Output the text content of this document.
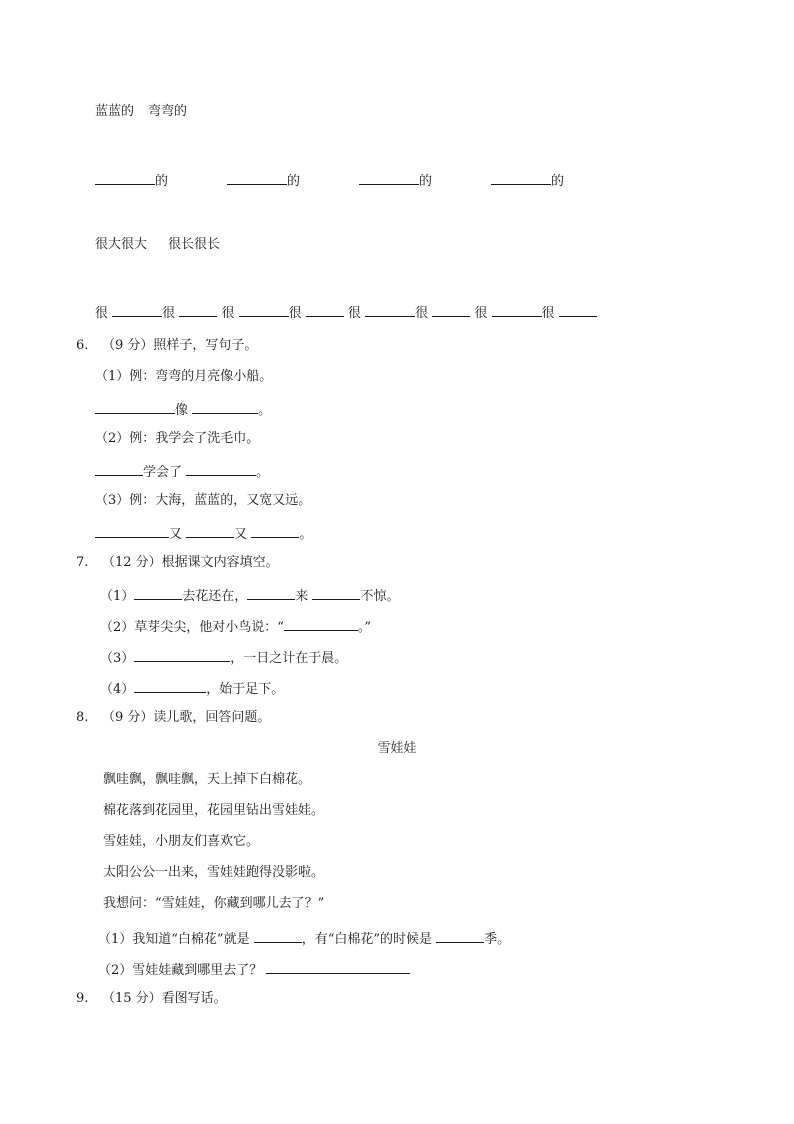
蓝蓝的 弯弯的
的	的	的	的
很大很大 很长很长
很	很	很	很	很	很	很	很
6. （9 分）照样子，写句子。
（1）例：弯弯的月亮像小船。
像	。
（2）例：我学会了洗毛巾。
学会了	。
（3）例：大海，蓝蓝的，又宽又远。
又	又	。
7. （12 分）根据课文内容填空。
（1）	去花还在，	来	不惊。
（2）草芽尖尖，他对小鸟说：“	。”
（3）	，一日之计在于晨。
（4）	，始于足下。
8. （9 分）读儿歌，回答问题。
雪娃娃
飘哇飘，飘哇飘，天上掉下白棉花。
棉花落到花园里，花园里钻出雪娃娃。
雪娃娃，小朋友们喜欢它。
太阳公公一出来，雪娃娃跑得没影啦。
我想问：“雪娃娃，你藏到哪儿去了？”
（1）我知道“白棉花”就是	，有“白棉花”的时候是	季。
（2）雪娃娃藏到哪里去了？
9. （15 分）看图写话。
